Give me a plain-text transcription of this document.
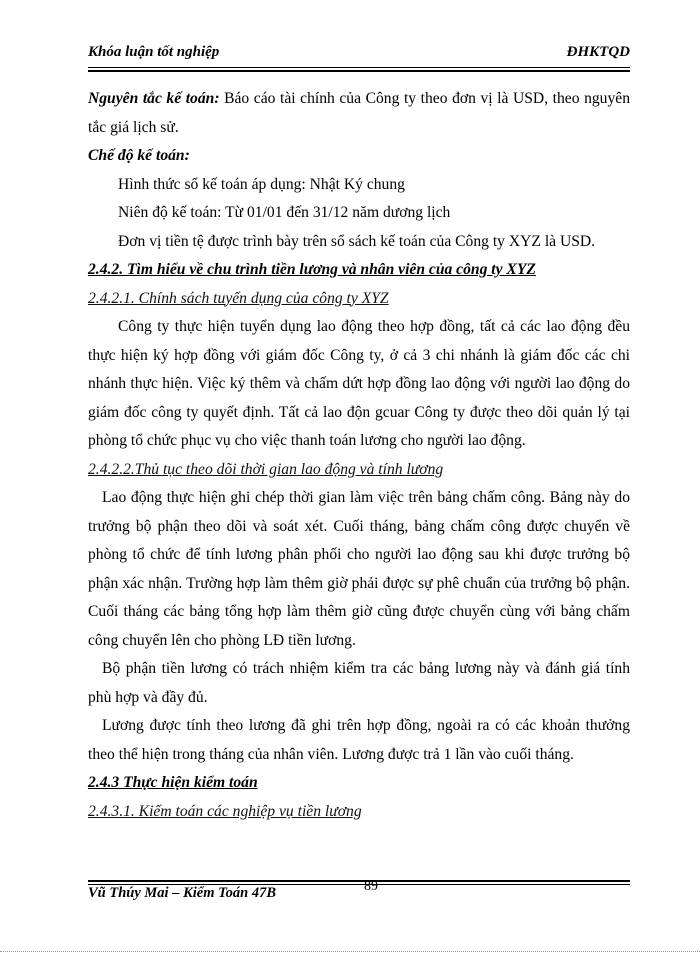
Khóa luận tốt nghiệp	ĐHKTQD

Nguyên tắc kế toán: Báo cáo tài chính của Công ty theo đơn vị là USD, theo nguyên

tắc giá lịch sử.

Chế độ kế toán:

Hình thức sổ kế toán áp dụng: Nhật Ký chung

Niên độ kế toán: Từ 01/01 đến 31/12 năm dương lịch

Đơn vị tiền tệ được trình bày trên sổ sách kế toán của Công ty XYZ là USD.

2.4.2. Tìm hiểu về chu trình tiền lương và nhân viên của công ty XYZ

2.4.2.1. Chính sách tuyển dụng của công ty XYZ

Công ty thực hiện tuyển dụng lao động theo hợp đồng, tất cả các lao động đều thực hiện ký hợp đồng với giám đốc Công ty, ở cả 3 chi nhánh là giám đốc các chi nhánh thực hiện. Việc ký thêm và chấm dứt hợp đồng lao động với người lao động do giám đốc công ty quyết định. Tất cả lao độn gcuar Công ty được theo dõi quản lý tại phòng tổ chức phục vụ cho việc thanh toán lương cho người lao động.

2.4.2.2.Thủ tục theo dõi thời gian lao động và tính lương

Lao động thực hiện ghi chép thời gian làm việc trên bảng chấm công. Bảng này do trưởng bộ phận theo dõi và soát xét. Cuối tháng, bảng chấm công được chuyển về phòng tổ chức để tính lương phân phối cho người lao động sau khi được trưởng bộ phận xác nhận. Trường hợp làm thêm giờ phải được sự phê chuẩn của trưởng bộ phận. Cuối tháng các bảng tổng hợp làm thêm giờ cũng được chuyển cùng với bảng chấm công chuyển lên cho phòng LĐ tiền lương.

Bộ phận tiền lương có trách nhiệm kiểm tra các bảng lương này và đánh giá tính phù hợp và đầy đủ.

Lương được tính theo lương đã ghi trên hợp đồng, ngoài ra có các khoản thưởng theo thể hiện trong tháng của nhân viên. Lương được trả 1 lần vào cuối tháng.

2.4.3 Thực hiện kiểm toán

2.4.3.1. Kiểm toán các nghiệp vụ tiền lương

Vũ Thúy Mai – Kiểm Toán 47B	89
